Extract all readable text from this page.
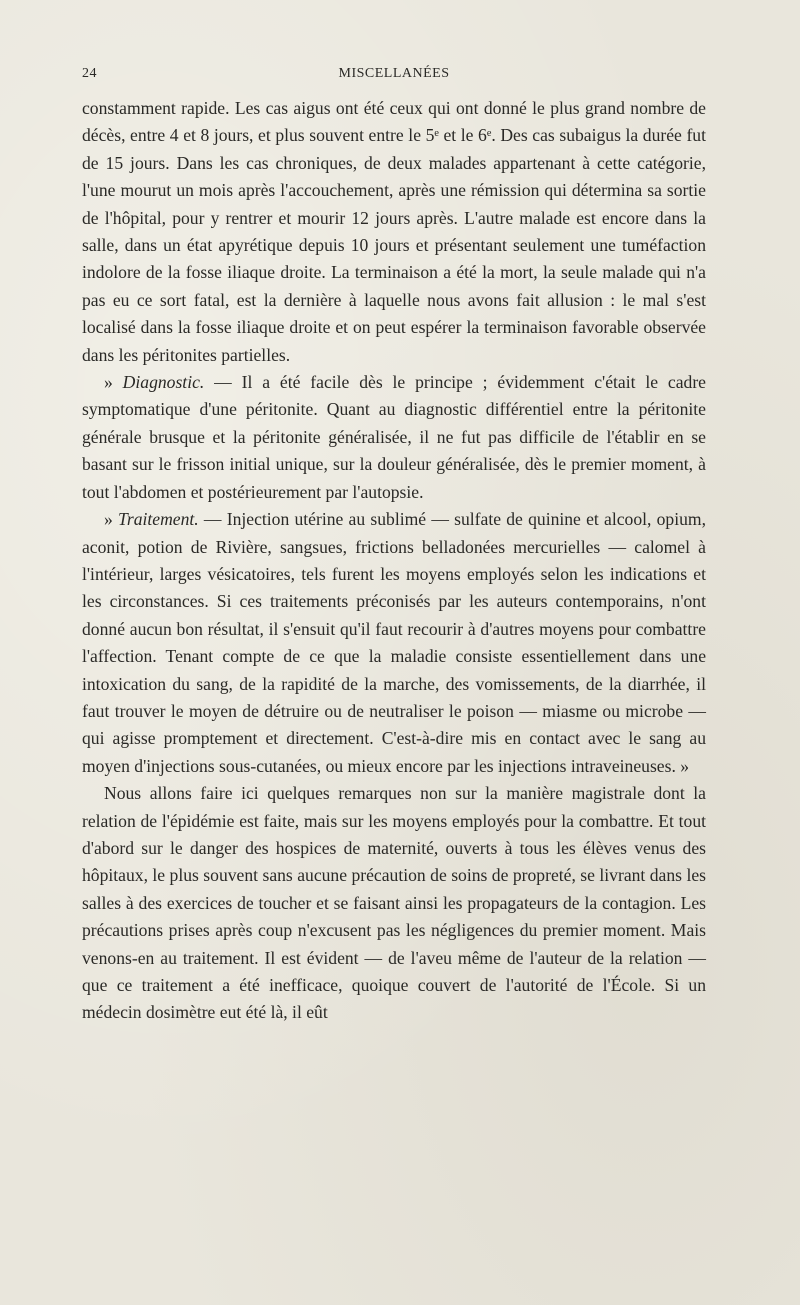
24	MISCELLANÉES

constamment rapide. Les cas aigus ont été ceux qui ont donné le plus grand nombre de décès, entre 4 et 8 jours, et plus souvent entre le 5ᵉ et le 6ᵉ. Des cas subaigus la durée fut de 15 jours. Dans les cas chroniques, de deux malades appartenant à cette catégorie, l'une mourut un mois après l'accouchement, après une rémission qui détermina sa sortie de l'hôpital, pour y rentrer et mourir 12 jours après. L'autre malade est encore dans la salle, dans un état apyrétique depuis 10 jours et présentant seulement une tuméfaction indolore de la fosse iliaque droite. La terminaison a été la mort, la seule malade qui n'a pas eu ce sort fatal, est la dernière à laquelle nous avons fait allusion : le mal s'est localisé dans la fosse iliaque droite et on peut espérer la terminaison favorable observée dans les péritonites partielles.

» Diagnostic. — Il a été facile dès le principe ; évidemment c'était le cadre symptomatique d'une péritonite. Quant au diagnostic différentiel entre la péritonite générale brusque et la péritonite généralisée, il ne fut pas difficile de l'établir en se basant sur le frisson initial unique, sur la douleur généralisée, dès le premier moment, à tout l'abdomen et postérieurement par l'autopsie.

» Traitement. — Injection utérine au sublimé — sulfate de quinine et alcool, opium, aconit, potion de Rivière, sangsues, frictions belladonées mercurielles — calomel à l'intérieur, larges vésicatoires, tels furent les moyens employés selon les indications et les circonstances. Si ces traitements préconisés par les auteurs contemporains, n'ont donné aucun bon résultat, il s'ensuit qu'il faut recourir à d'autres moyens pour combattre l'affection. Tenant compte de ce que la maladie consiste essentiellement dans une intoxication du sang, de la rapidité de la marche, des vomissements, de la diarrhée, il faut trouver le moyen de détruire ou de neutraliser le poison — miasme ou microbe — qui agisse promptement et directement. C'est-à-dire mis en contact avec le sang au moyen d'injections sous-cutanées, ou mieux encore par les injections intraveineuses. »

Nous allons faire ici quelques remarques non sur la manière magistrale dont la relation de l'épidémie est faite, mais sur les moyens employés pour la combattre. Et tout d'abord sur le danger des hospices de maternité, ouverts à tous les élèves venus des hôpitaux, le plus souvent sans aucune précaution de soins de propreté, se livrant dans les salles à des exercices de toucher et se faisant ainsi les propagateurs de la contagion. Les précautions prises après coup n'excusent pas les négligences du premier moment. Mais venons-en au traitement. Il est évident — de l'aveu même de l'auteur de la relation — que ce traitement a été inefficace, quoique couvert de l'autorité de l'École. Si un médecin dosimètre eut été là, il eût
